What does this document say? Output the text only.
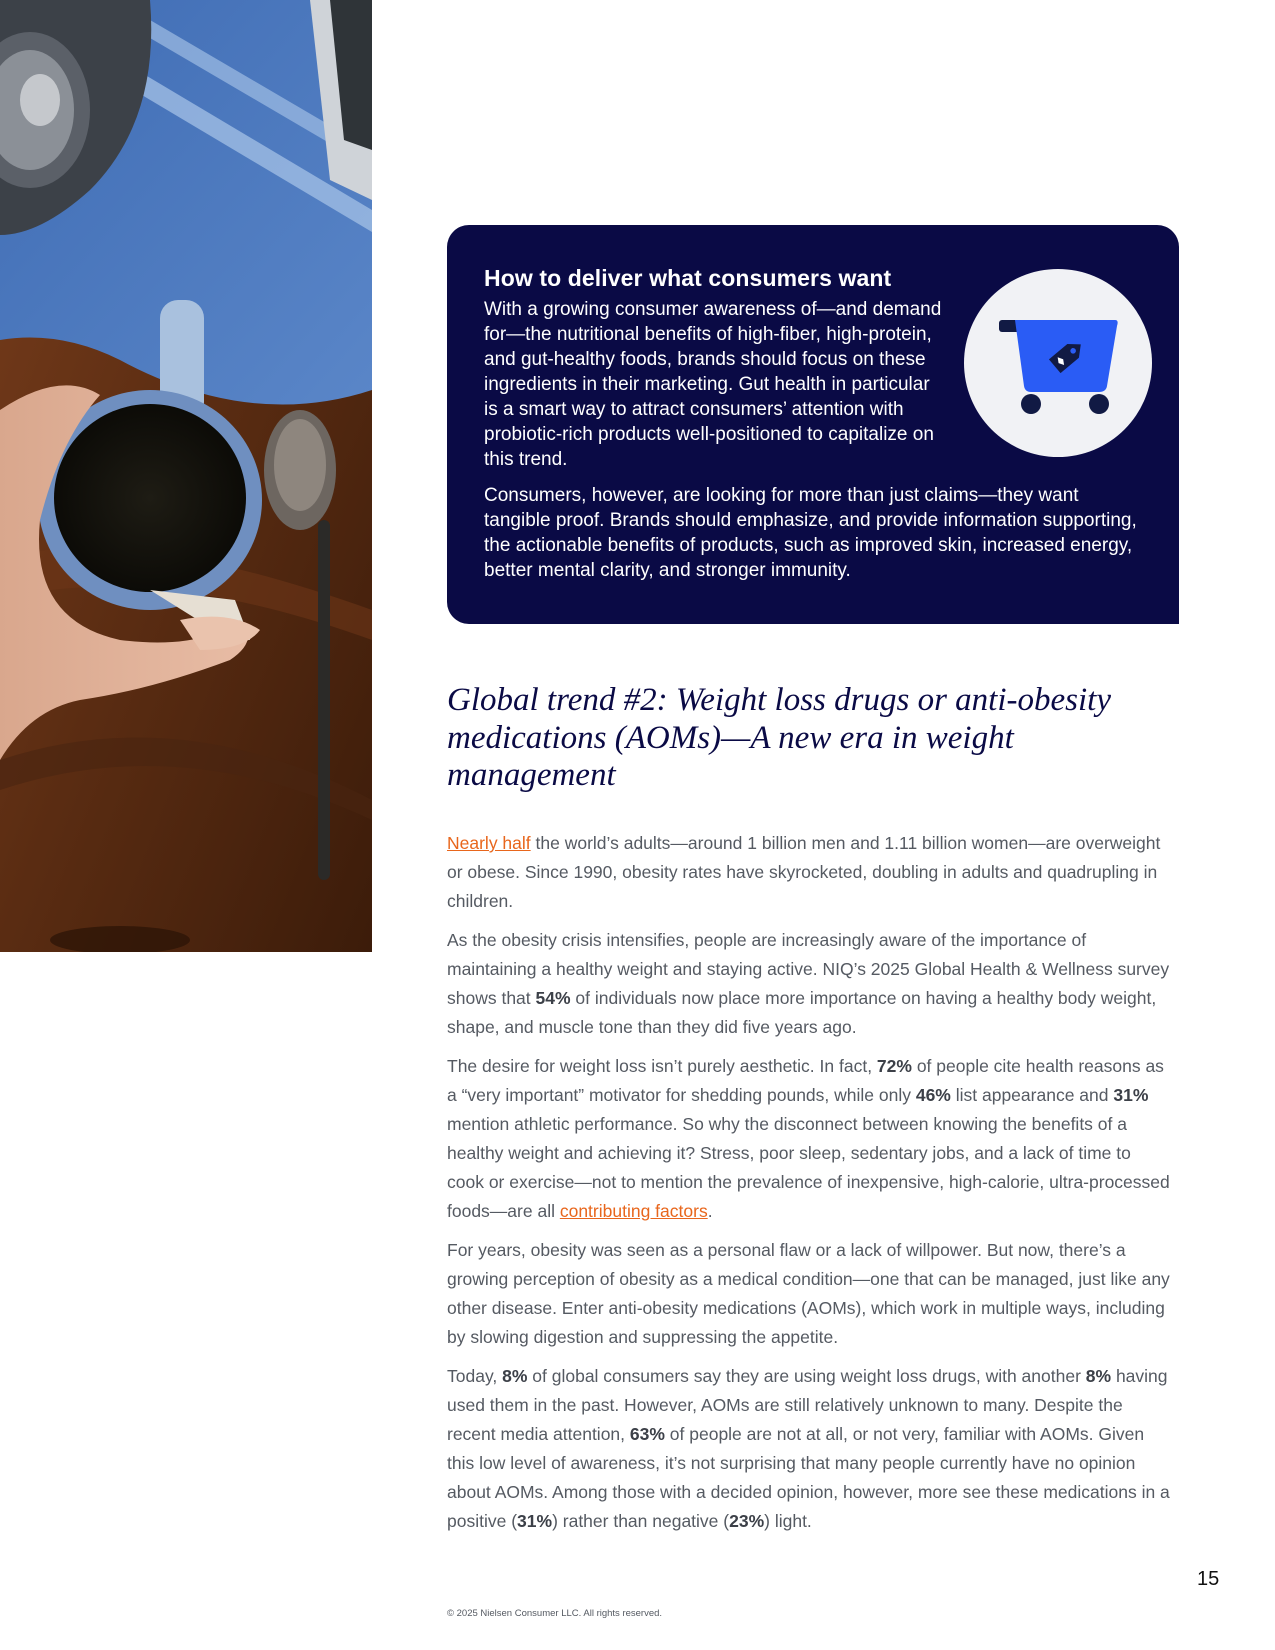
How to deliver what consumers want

With a growing consumer awareness of—and demand for—the nutritional benefits of high-fiber, high-protein, and gut-healthy foods, brands should focus on these ingredients in their marketing. Gut health in particular is a smart way to attract consumers’ attention with probiotic-rich products well-positioned to capitalize on this trend.

Consumers, however, are looking for more than just claims—they want tangible proof. Brands should emphasize, and provide information supporting, the actionable benefits of products, such as improved skin, increased energy, better mental clarity, and stronger immunity.

Global trend #2: Weight loss drugs or anti-obesity medications (AOMs)—A new era in weight management

Nearly half the world’s adults—around 1 billion men and 1.11 billion women—are overweight or obese. Since 1990, obesity rates have skyrocketed, doubling in adults and quadrupling in children.

As the obesity crisis intensifies, people are increasingly aware of the importance of maintaining a healthy weight and staying active. NIQ’s 2025 Global Health & Wellness survey shows that 54% of individuals now place more importance on having a healthy body weight, shape, and muscle tone than they did five years ago.

The desire for weight loss isn’t purely aesthetic. In fact, 72% of people cite health reasons as a “very important” motivator for shedding pounds, while only 46% list appearance and 31% mention athletic performance. So why the disconnect between knowing the benefits of a healthy weight and achieving it? Stress, poor sleep, sedentary jobs, and a lack of time to cook or exercise—not to mention the prevalence of inexpensive, high-calorie, ultra-processed foods—are all contributing factors.

For years, obesity was seen as a personal flaw or a lack of willpower. But now, there’s a growing perception of obesity as a medical condition—one that can be managed, just like any other disease. Enter anti-obesity medications (AOMs), which work in multiple ways, including by slowing digestion and suppressing the appetite.

Today, 8% of global consumers say they are using weight loss drugs, with another 8% having used them in the past. However, AOMs are still relatively unknown to many. Despite the recent media attention, 63% of people are not at all, or not very, familiar with AOMs. Given this low level of awareness, it’s not surprising that many people currently have no opinion about AOMs. Among those with a decided opinion, however, more see these medications in a positive (31%) rather than negative (23%) light.

© 2025 Nielsen Consumer LLC. All rights reserved.
15
